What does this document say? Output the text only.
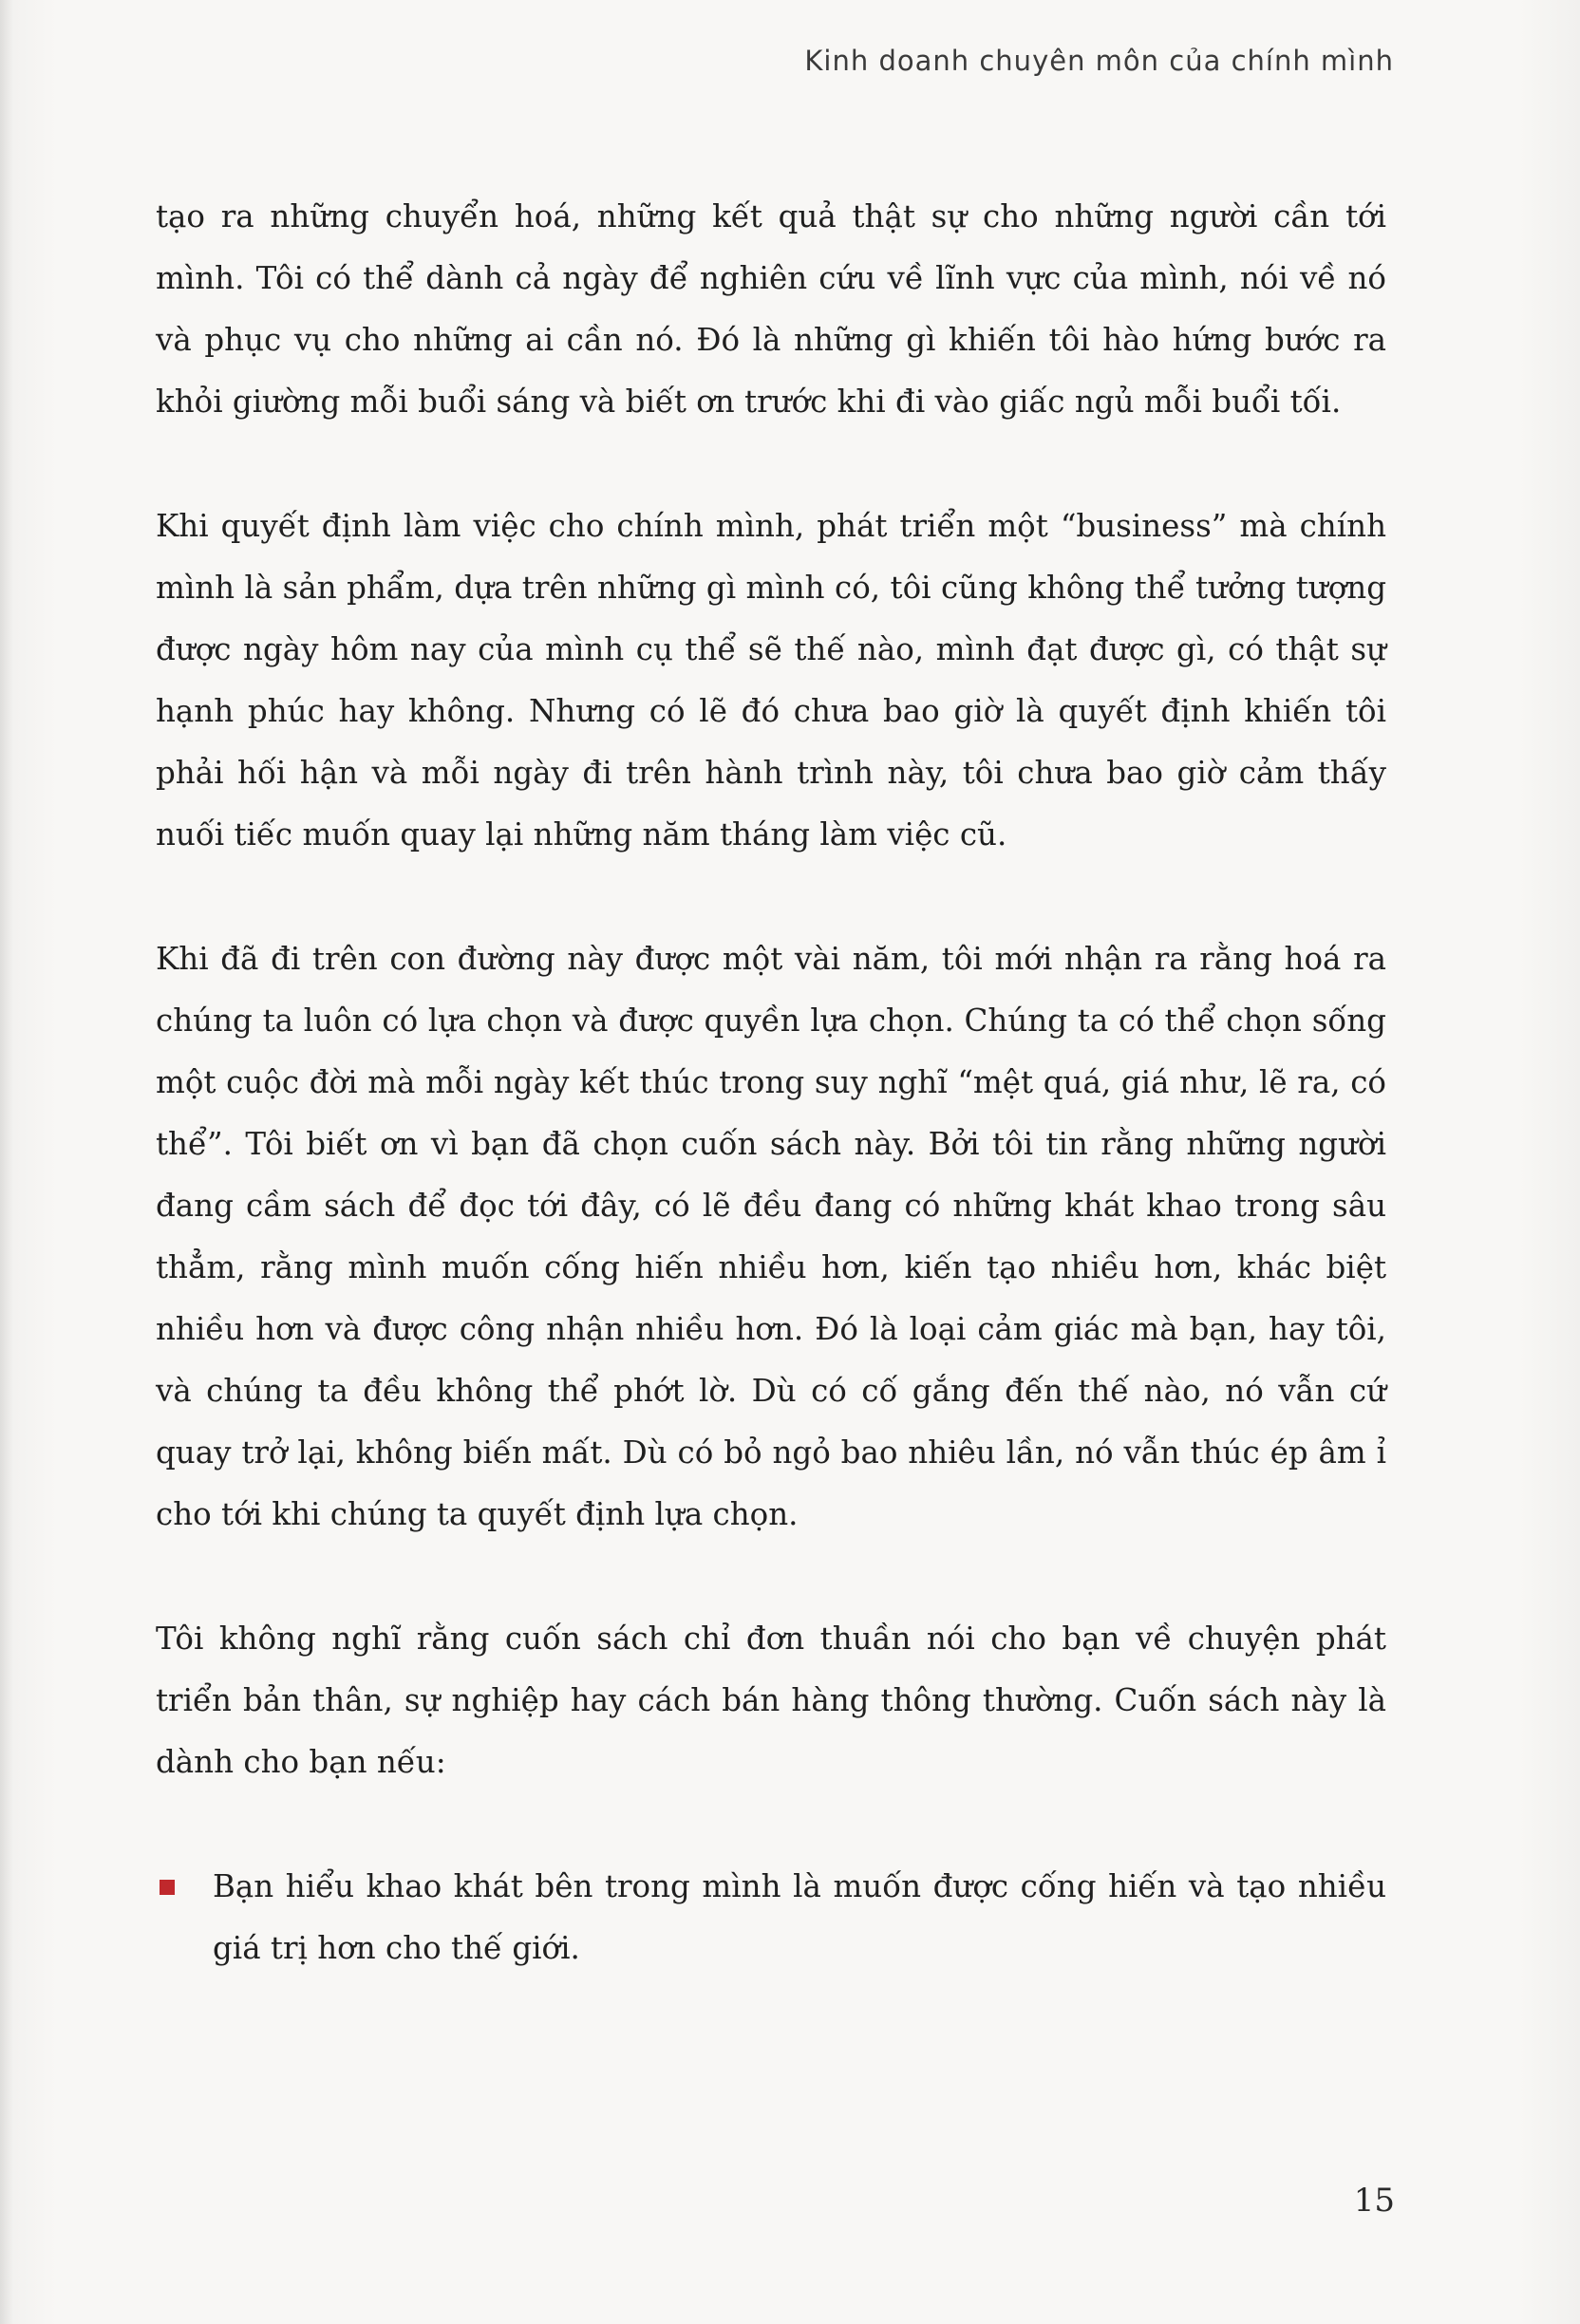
Kinh doanh chuyên môn của chính mình

tạo ra những chuyển hoá, những kết quả thật sự cho những người cần tới mình. Tôi có thể dành cả ngày để nghiên cứu về lĩnh vực của mình, nói về nó và phục vụ cho những ai cần nó. Đó là những gì khiến tôi hào hứng bước ra khỏi giường mỗi buổi sáng và biết ơn trước khi đi vào giấc ngủ mỗi buổi tối.

Khi quyết định làm việc cho chính mình, phát triển một “business” mà chính mình là sản phẩm, dựa trên những gì mình có, tôi cũng không thể tưởng tượng được ngày hôm nay của mình cụ thể sẽ thế nào, mình đạt được gì, có thật sự hạnh phúc hay không. Nhưng có lẽ đó chưa bao giờ là quyết định khiến tôi phải hối hận và mỗi ngày đi trên hành trình này, tôi chưa bao giờ cảm thấy nuối tiếc muốn quay lại những năm tháng làm việc cũ.

Khi đã đi trên con đường này được một vài năm, tôi mới nhận ra rằng hoá ra chúng ta luôn có lựa chọn và được quyền lựa chọn. Chúng ta có thể chọn sống một cuộc đời mà mỗi ngày kết thúc trong suy nghĩ “mệt quá, giá như, lẽ ra, có thể”. Tôi biết ơn vì bạn đã chọn cuốn sách này. Bởi tôi tin rằng những người đang cầm sách để đọc tới đây, có lẽ đều đang có những khát khao trong sâu thẳm, rằng mình muốn cống hiến nhiều hơn, kiến tạo nhiều hơn, khác biệt nhiều hơn và được công nhận nhiều hơn. Đó là loại cảm giác mà bạn, hay tôi, và chúng ta đều không thể phớt lờ. Dù có cố gắng đến thế nào, nó vẫn cứ quay trở lại, không biến mất. Dù có bỏ ngỏ bao nhiêu lần, nó vẫn thúc ép âm ỉ cho tới khi chúng ta quyết định lựa chọn.

Tôi không nghĩ rằng cuốn sách chỉ đơn thuần nói cho bạn về chuyện phát triển bản thân, sự nghiệp hay cách bán hàng thông thường. Cuốn sách này là dành cho bạn nếu:

Bạn hiểu khao khát bên trong mình là muốn được cống hiến và tạo nhiều giá trị hơn cho thế giới.
15
